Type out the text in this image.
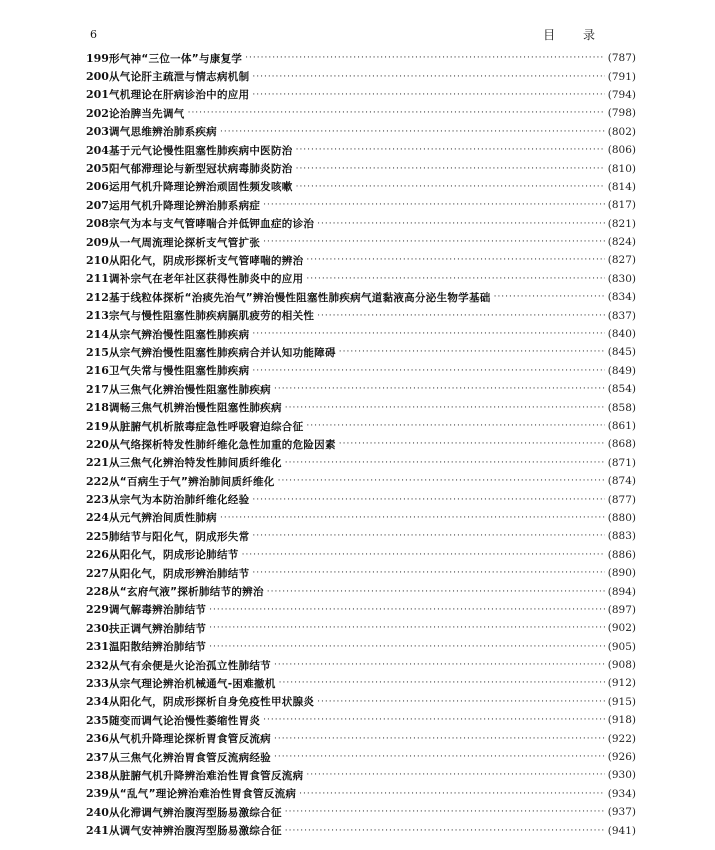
6	目 录
199 形气神“三位一体”与康复学 ·····	(787)
200 从气论肝主疏泄与情志病机制 ·····	(791)
201 气机理论在肝病诊治中的应用 ·····	(794)
202 论治脾当先调气 ·····	(798)
203 调气思维辨治肺系疾病 ·····	(802)
204 基于元气论慢性阻塞性肺疾病中医防治 ·····	(806)
205 阳气郁滞理论与新型冠状病毒肺炎防治 ·····	(810)
206 运用气机升降理论辨治顽固性频发咳嗽 ·····	(814)
207 运用气机升降理论辨治肺系病症 ·····	(817)
208 宗气为本与支气管哮喘合并低钾血症的诊治 ·····	(821)
209 从一气周流理论探析支气管扩张 ·····	(824)
210 从阳化气，阴成形探析支气管哮喘的辨治 ·····	(827)
211 调补宗气在老年社区获得性肺炎中的应用 ·····	(830)
212 基于线粒体探析“治痰先治气”辨治慢性阻塞性肺疾病气道黏液高分泌生物学基础 ·····	(834)
213 宗气与慢性阻塞性肺疾病膈肌疲劳的相关性 ·····	(837)
214 从宗气辨治慢性阻塞性肺疾病 ·····	(840)
215 从宗气辨治慢性阻塞性肺疾病合并认知功能障碍 ·····	(845)
216 卫气失常与慢性阻塞性肺疾病 ·····	(849)
217 从三焦气化辨治慢性阻塞性肺疾病 ·····	(854)
218 调畅三焦气机辨治慢性阻塞性肺疾病 ·····	(858)
219 从脏腑气机析脓毒症急性呼吸窘迫综合征 ·····	(861)
220 从气络探析特发性肺纤维化急性加重的危险因素 ·····	(868)
221 从三焦气化辨治特发性肺间质纤维化 ·····	(871)
222 从“百病生于气”辨治肺间质纤维化 ·····	(874)
223 从宗气为本防治肺纤维化经验 ·····	(877)
224 从元气辨治间质性肺病 ·····	(880)
225 肺结节与阳化气，阴成形失常 ·····	(883)
226 从阳化气，阴成形论肺结节 ·····	(886)
227 从阳化气，阴成形辨治肺结节 ·····	(890)
228 从“玄府气液”探析肺结节的辨治 ·····	(894)
229 调气解毒辨治肺结节 ·····	(897)
230 扶正调气辨治肺结节 ·····	(902)
231 温阳散结辨治肺结节 ·····	(905)
232 从气有余便是火论治孤立性肺结节 ·····	(908)
233 从宗气理论辨治机械通气-困难撤机 ·····	(912)
234 从阳化气，阴成形探析自身免疫性甲状腺炎 ·····	(915)
235 随变而调气论治慢性萎缩性胃炎 ·····	(918)
236 从气机升降理论探析胃食管反流病 ·····	(922)
237 从三焦气化辨治胃食管反流病经验 ·····	(926)
238 从脏腑气机升降辨治难治性胃食管反流病 ·····	(930)
239 从“乱气”理论辨治难治性胃食管反流病 ·····	(934)
240 从化滞调气辨治腹泻型肠易激综合征 ·····	(937)
241 从调气安神辨治腹泻型肠易激综合征 ·····	(941)
